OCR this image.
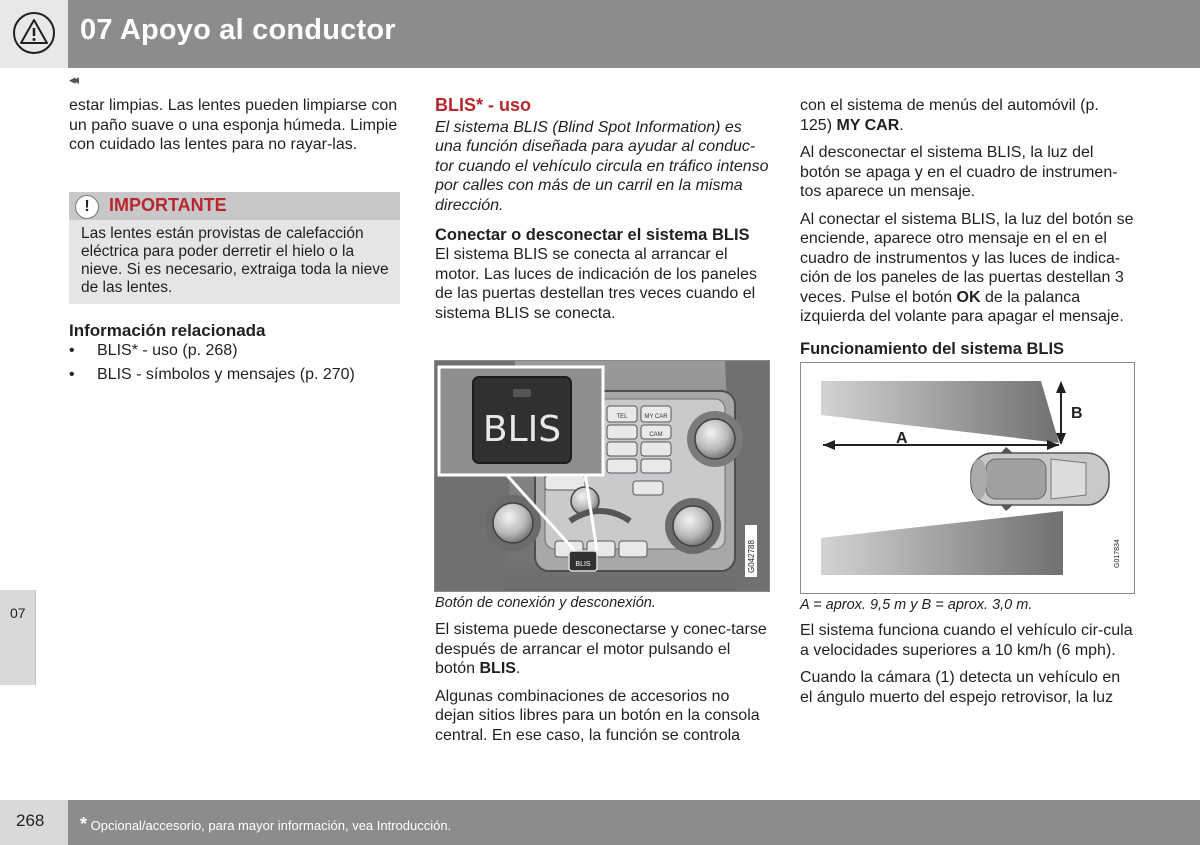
07 Apoyo al conductor
07
◂◂

estar limpias. Las lentes pueden limpiarse con un paño suave o una esponja húmeda. Limpie con cuidado las lentes para no rayar-las.

!	IMPORTANTE
Las lentes están provistas de calefacción eléctrica para poder derretir el hielo o la nieve. Si es necesario, extraiga toda la nieve de las lentes.
Información relacionada
• BLIS* - uso (p. 268)
• BLIS - símbolos y mensajes (p. 270)
BLIS* - uso

El sistema BLIS (Blind Spot Information) es una función diseñada para ayudar al conduc-tor cuando el vehículo circula en tráfico intenso por calles con más de un carril en la misma dirección.

Conectar o desconectar el sistema BLIS

El sistema BLIS se conecta al arrancar el motor. Las luces de indicación de los paneles de las puertas destellan tres veces cuando el sistema BLIS se conecta.

TEL	MY CAR
CAM
BLIS
BLIS
G042788
Botón de conexión y desconexión.

El sistema puede desconectarse y conec-tarse después de arrancar el motor pulsando el botón BLIS.

Algunas combinaciones de accesorios no dejan sitios libres para un botón en la consola central. En ese caso, la función se controla

con el sistema de menús del automóvil (p. 125) MY CAR.

Al desconectar el sistema BLIS, la luz del botón se apaga y en el cuadro de instrumen-tos aparece un mensaje.

Al conectar el sistema BLIS, la luz del botón se enciende, aparece otro mensaje en el en el cuadro de instrumentos y las luces de indica-ción de los paneles de las puertas destellan 3 veces. Pulse el botón OK de la palanca izquierda del volante para apagar el mensaje.

Funcionamiento del sistema BLIS
A
B
G017834
A = aprox. 9,5 m y B = aprox. 3,0 m.

El sistema funciona cuando el vehículo cir-cula a velocidades superiores a 10 km/h (6 mph).

Cuando la cámara (1) detecta un vehículo en el ángulo muerto del espejo retrovisor, la luz

268 * Opcional/accesorio, para mayor información, vea Introducción.
